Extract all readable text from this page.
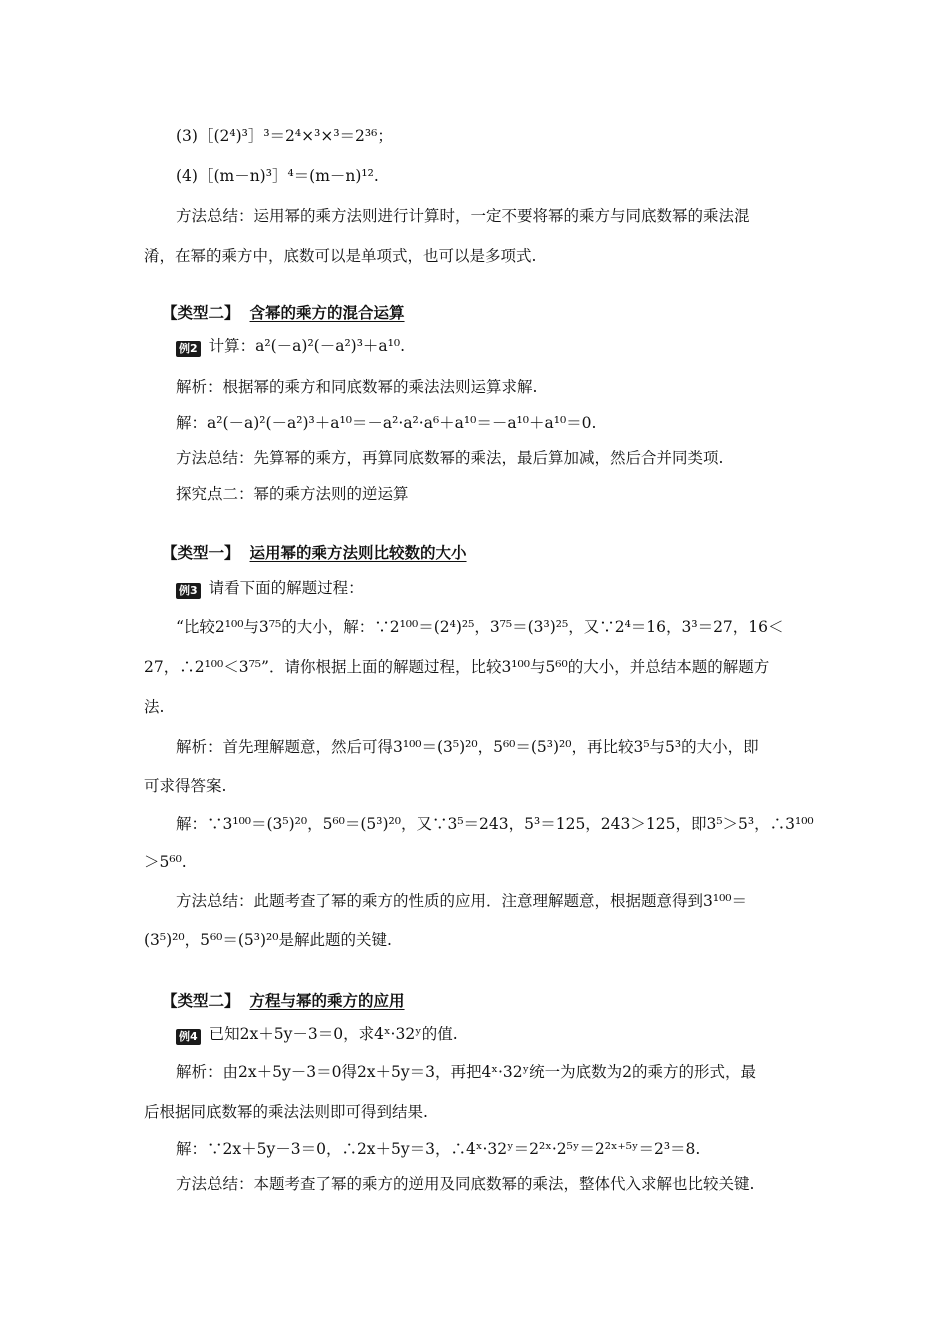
(3)［(2⁴)³］³＝2⁴×³×³＝2³⁶；
(4)［(m－n)³］⁴＝(m－n)¹².
方法总结：运用幂的乘方法则进行计算时，一定不要将幂的乘方与同底数幂的乘法混
淆，在幂的乘方中，底数可以是单项式，也可以是多项式.
【类型二】 含幂的乘方的混合运算
例2 计算：a²(－a)²(－a²)³＋a¹⁰.
解析：根据幂的乘方和同底数幂的乘法法则运算求解.
解：a²(－a)²(－a²)³＋a¹⁰＝－a²·a²·a⁶＋a¹⁰＝－a¹⁰＋a¹⁰＝0.
方法总结：先算幂的乘方，再算同底数幂的乘法，最后算加减，然后合并同类项.
探究点二：幂的乘方法则的逆运算
【类型一】 运用幂的乘方法则比较数的大小
例3 请看下面的解题过程：
“比较2¹⁰⁰与3⁷⁵的大小，解：∵2¹⁰⁰＝(2⁴)²⁵，3⁷⁵＝(3³)²⁵，又∵2⁴＝16，3³＝27，16＜
27，∴2¹⁰⁰＜3⁷⁵”．请你根据上面的解题过程，比较3¹⁰⁰与5⁶⁰的大小，并总结本题的解题方
法.
解析：首先理解题意，然后可得3¹⁰⁰＝(3⁵)²⁰，5⁶⁰＝(5³)²⁰，再比较3⁵与5³的大小，即
可求得答案.
解：∵3¹⁰⁰＝(3⁵)²⁰，5⁶⁰＝(5³)²⁰，又∵3⁵＝243，5³＝125，243＞125，即3⁵＞5³，∴3¹⁰⁰
＞5⁶⁰.
方法总结：此题考查了幂的乘方的性质的应用．注意理解题意，根据题意得到3¹⁰⁰＝
(3⁵)²⁰，5⁶⁰＝(5³)²⁰是解此题的关键.
【类型二】 方程与幂的乘方的应用
例4 已知2x＋5y－3＝0，求4ˣ·32ʸ的值.
解析：由2x＋5y－3＝0得2x＋5y＝3，再把4ˣ·32ʸ统一为底数为2的乘方的形式，最
后根据同底数幂的乘法法则即可得到结果.
解：∵2x＋5y－3＝0，∴2x＋5y＝3，∴4ˣ·32ʸ＝2²ˣ·2⁵ʸ＝2²ˣ⁺⁵ʸ＝2³＝8.
方法总结：本题考查了幂的乘方的逆用及同底数幂的乘法，整体代入求解也比较关键.
